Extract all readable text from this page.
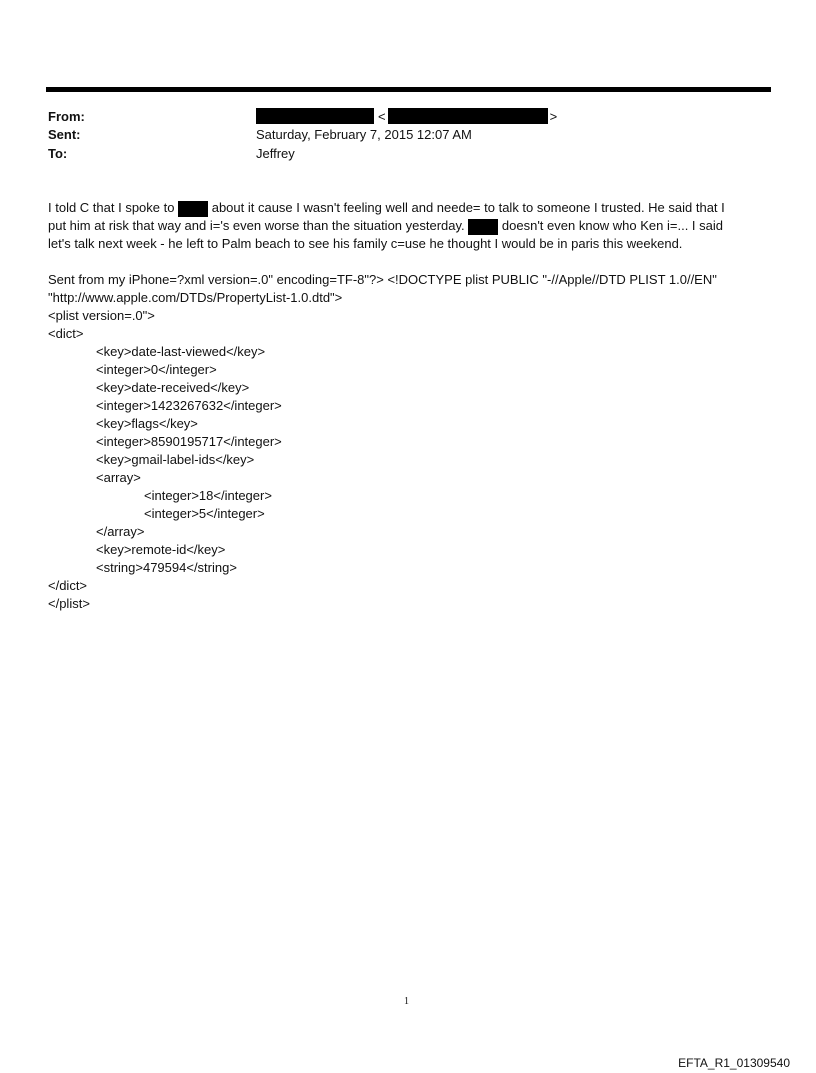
From:	<	>
Sent:	Saturday, February 7, 2015 12:07 AM
To:	Jeffrey
I told C that I spoke to	about it cause I wasn't feeling well and neede= to talk to someone I trusted. He said that I
put him at risk that way and i='s even worse than the situation yesterday.	doesn't even know who Ken i=... I said
let's talk next week - he left to Palm beach to see his family c=use he thought I would be in paris this weekend.
Sent from my iPhone=?xml version=.0" encoding=TF-8"?> <!DOCTYPE plist PUBLIC "-//Apple//DTD PLIST 1.0//EN"
"http://www.apple.com/DTDs/PropertyList-1.0.dtd">
<plist version=.0">
<dict>
<key>date-last-viewed</key>
<integer>0</integer>
<key>date-received</key>
<integer>1423267632</integer>
<key>flags</key>
<integer>8590195717</integer>
<key>gmail-label-ids</key>
<array>
<integer>18</integer>
<integer>5</integer>
</array>
<key>remote-id</key>
<string>479594</string>
</dict>
</plist>
1
EFTA_R1_01309540
